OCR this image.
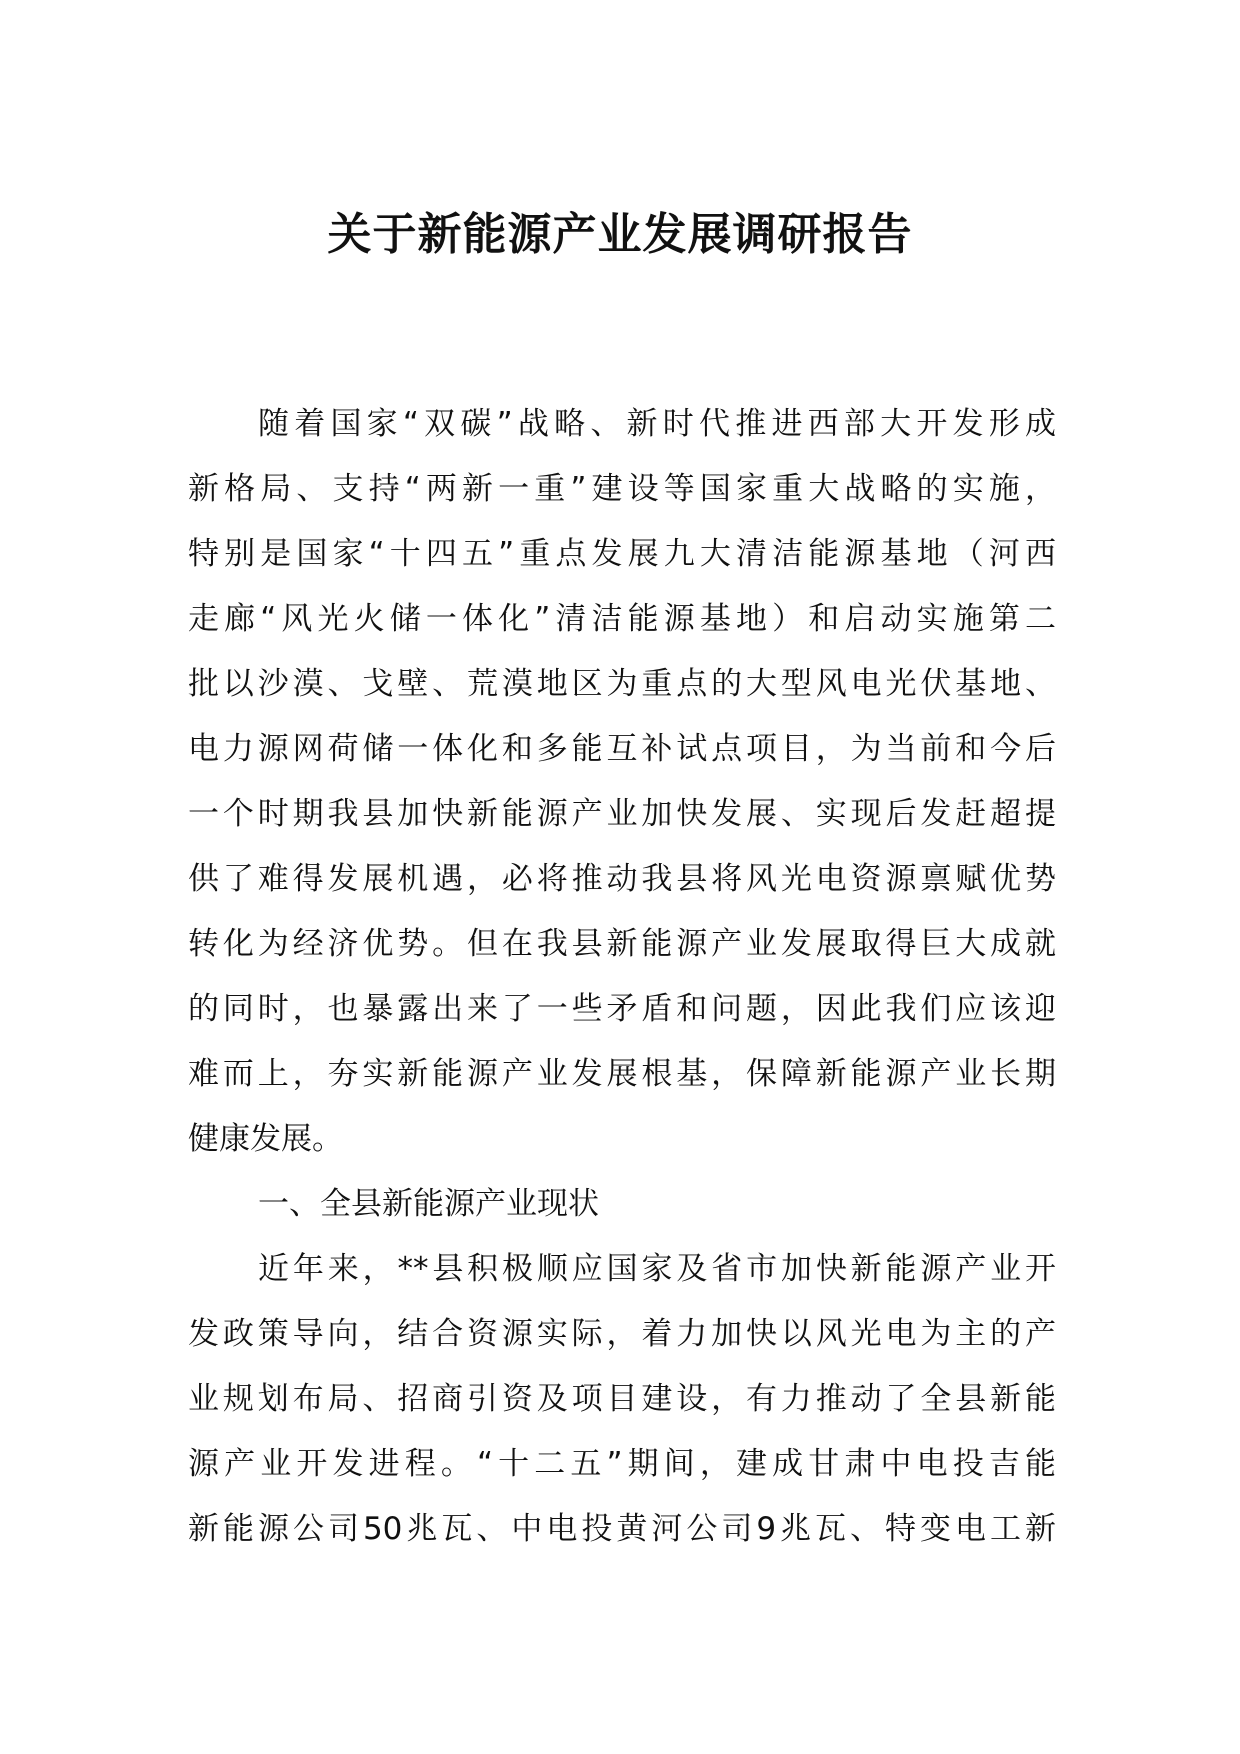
关于新能源产业发展调研报告
随着国家“双碳”战略、新时代推进西部大开发形成
新格局、支持“两新一重”建设等国家重大战略的实施，
特别是国家“十四五”重点发展九大清洁能源基地（河西
走廊“风光火储一体化”清洁能源基地）和启动实施第二
批以沙漠、戈壁、荒漠地区为重点的大型风电光伏基地、
电力源网荷储一体化和多能互补试点项目，为当前和今后
一个时期我县加快新能源产业加快发展、实现后发赶超提
供了难得发展机遇，必将推动我县将风光电资源禀赋优势
转化为经济优势。但在我县新能源产业发展取得巨大成就
的同时，也暴露出来了一些矛盾和问题，因此我们应该迎
难而上，夯实新能源产业发展根基，保障新能源产业长期
健康发展。
一、全县新能源产业现状
近年来，**县积极顺应国家及省市加快新能源产业开
发政策导向，结合资源实际，着力加快以风光电为主的产
业规划布局、招商引资及项目建设，有力推动了全县新能
源产业开发进程。“十二五”期间，建成甘肃中电投吉能
新能源公司50兆瓦、中电投黄河公司9兆瓦、特变电工新
